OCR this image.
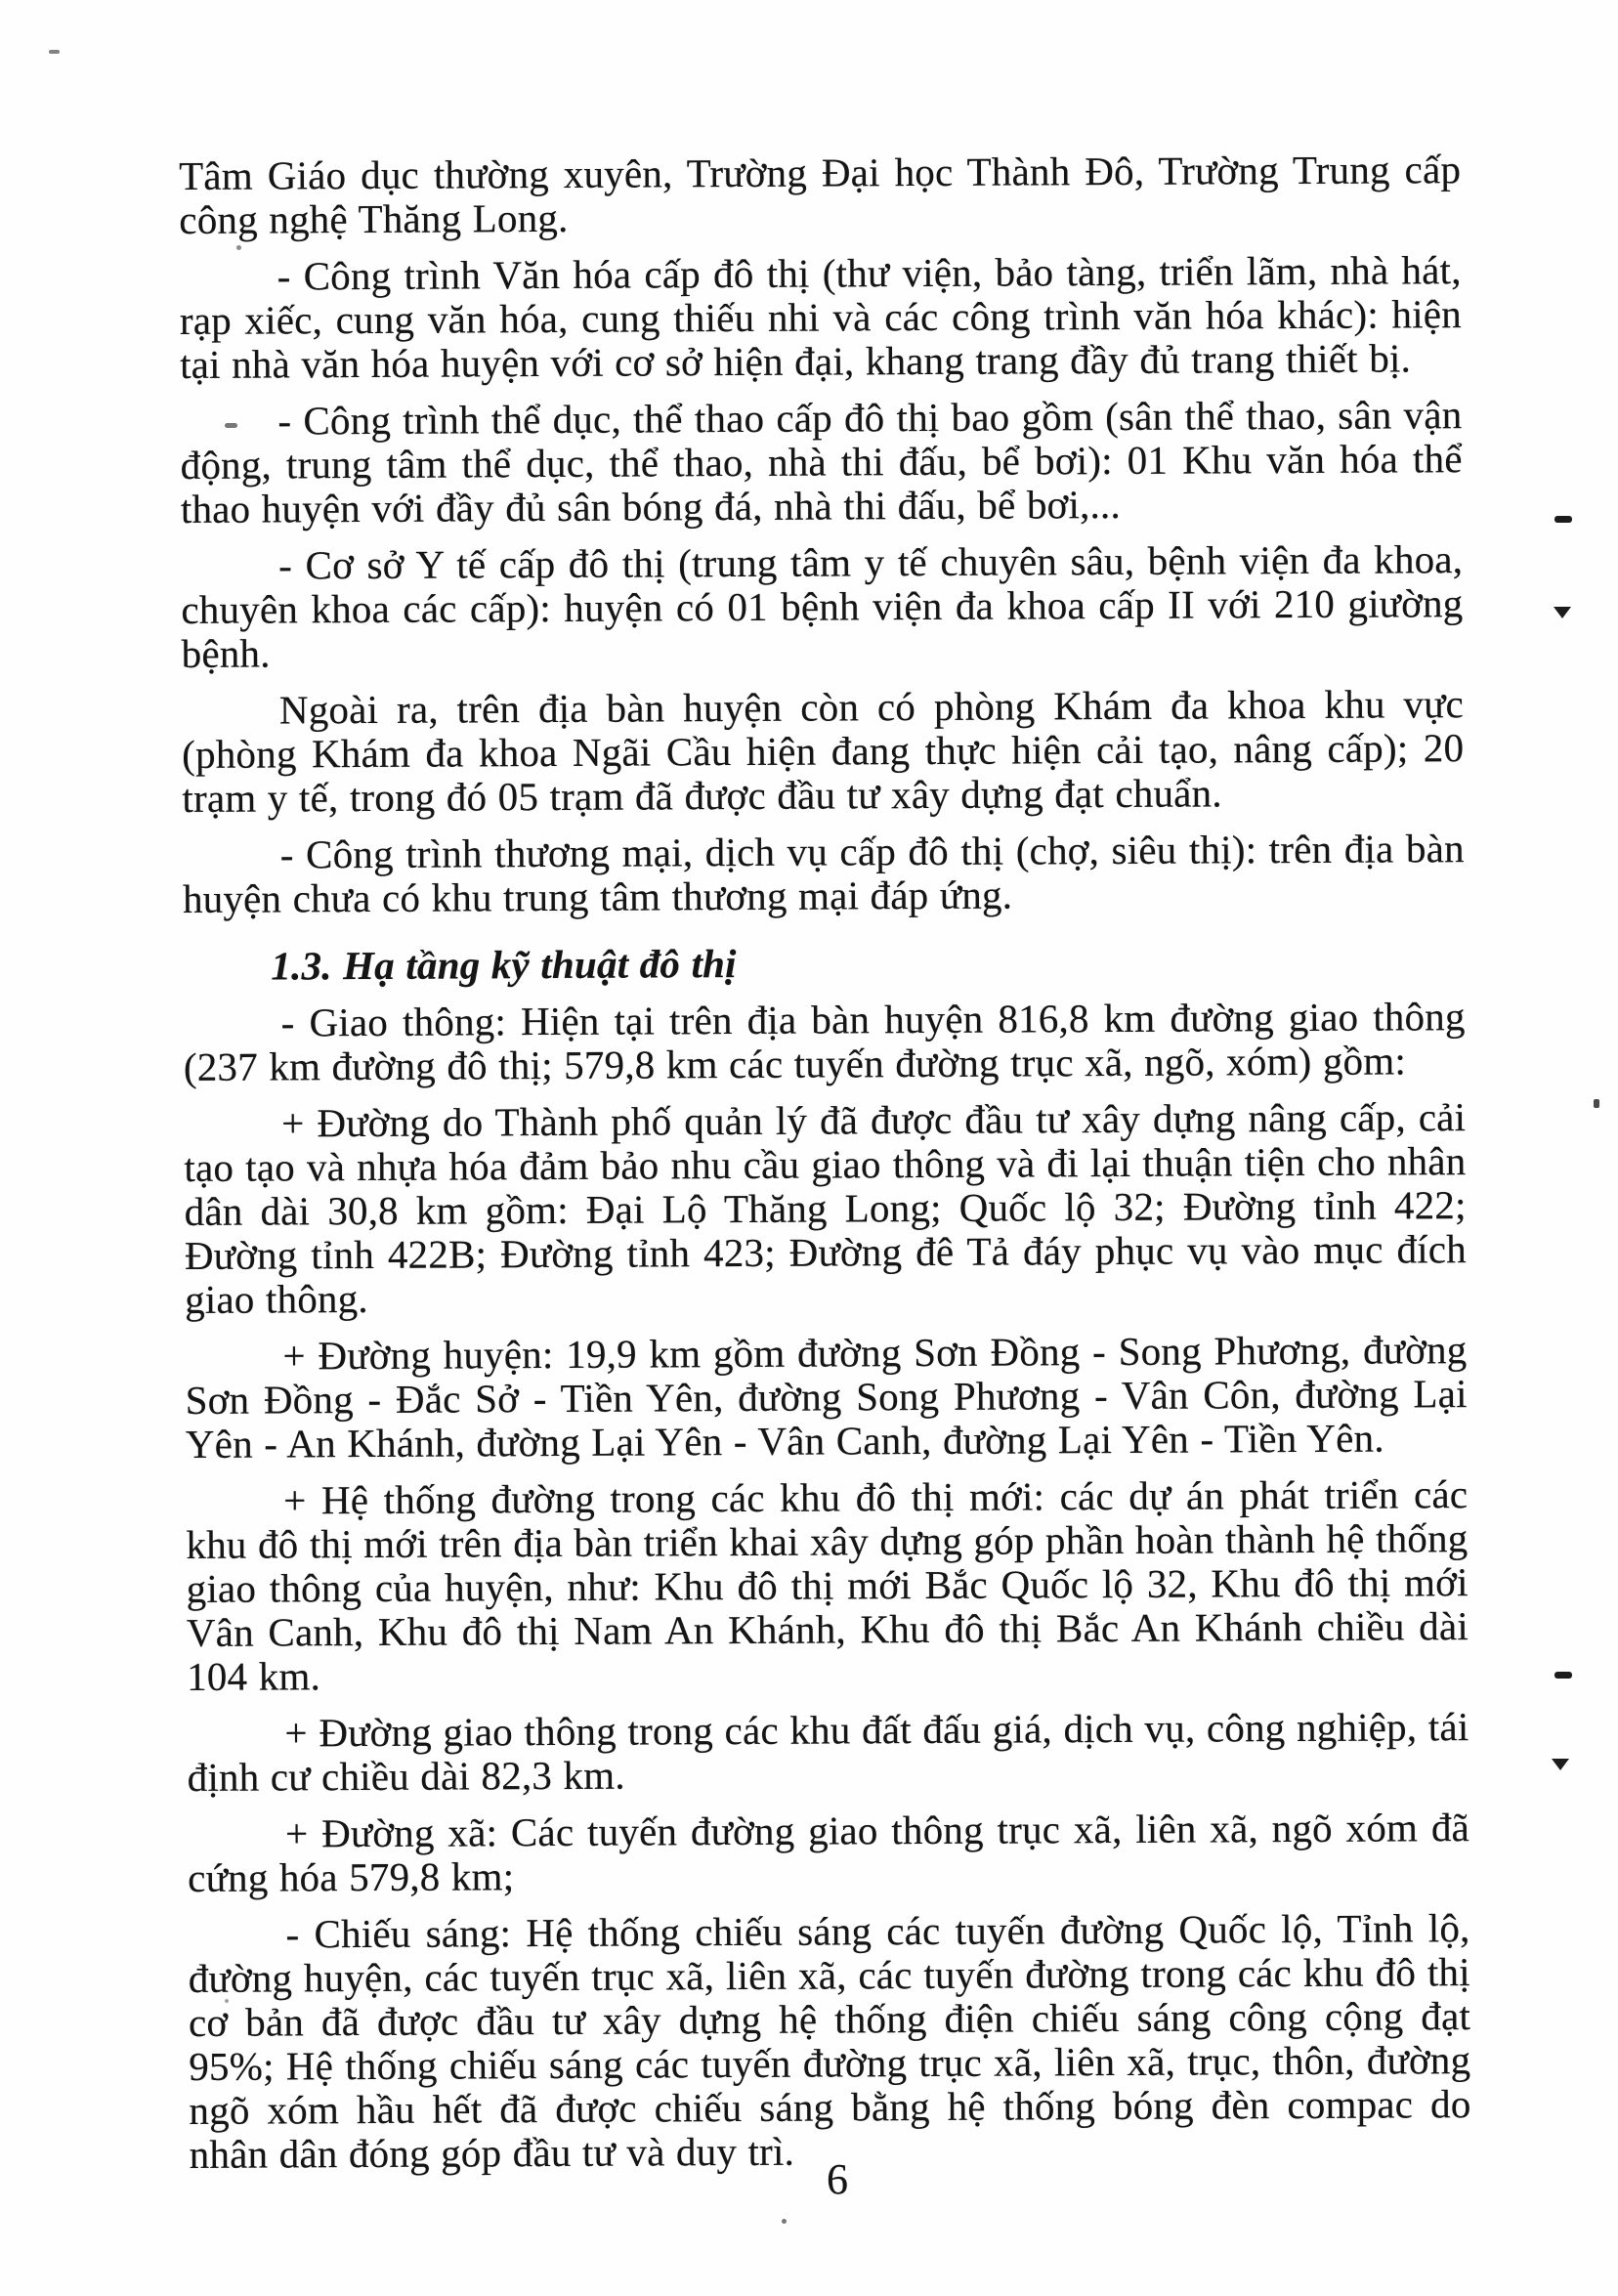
Tâm Giáo dục thường xuyên, Trường Đại học Thành Đô, Trường Trung cấp công nghệ Thăng Long.

- Công trình Văn hóa cấp đô thị (thư viện, bảo tàng, triển lãm, nhà hát, rạp xiếc, cung văn hóa, cung thiếu nhi và các công trình văn hóa khác): hiện tại nhà văn hóa huyện với cơ sở hiện đại, khang trang đầy đủ trang thiết bị.

- Công trình thể dục, thể thao cấp đô thị bao gồm (sân thể thao, sân vận động, trung tâm thể dục, thể thao, nhà thi đấu, bể bơi): 01 Khu văn hóa thể thao huyện với đầy đủ sân bóng đá, nhà thi đấu, bể bơi,...

- Cơ sở Y tế cấp đô thị (trung tâm y tế chuyên sâu, bệnh viện đa khoa, chuyên khoa các cấp): huyện có 01 bệnh viện đa khoa cấp II với 210 giường bệnh.

Ngoài ra, trên địa bàn huyện còn có phòng Khám đa khoa khu vực (phòng Khám đa khoa Ngãi Cầu hiện đang thực hiện cải tạo, nâng cấp); 20 trạm y tế, trong đó 05 trạm đã được đầu tư xây dựng đạt chuẩn.

- Công trình thương mại, dịch vụ cấp đô thị (chợ, siêu thị): trên địa bàn huyện chưa có khu trung tâm thương mại đáp ứng.

1.3. Hạ tầng kỹ thuật đô thị

- Giao thông: Hiện tại trên địa bàn huyện 816,8 km đường giao thông (237 km đường đô thị; 579,8 km các tuyến đường trục xã, ngõ, xóm) gồm:

+ Đường do Thành phố quản lý đã được đầu tư xây dựng nâng cấp, cải tạo tạo và nhựa hóa đảm bảo nhu cầu giao thông và đi lại thuận tiện cho nhân dân dài 30,8 km gồm: Đại Lộ Thăng Long; Quốc lộ 32; Đường tỉnh 422; Đường tỉnh 422B; Đường tỉnh 423; Đường đê Tả đáy phục vụ vào mục đích giao thông.

+ Đường huyện: 19,9 km gồm đường Sơn Đồng - Song Phương, đường Sơn Đồng - Đắc Sở - Tiền Yên, đường Song Phương - Vân Côn, đường Lại Yên - An Khánh, đường Lại Yên - Vân Canh, đường Lại Yên - Tiền Yên.

+ Hệ thống đường trong các khu đô thị mới: các dự án phát triển các khu đô thị mới trên địa bàn triển khai xây dựng góp phần hoàn thành hệ thống giao thông của huyện, như: Khu đô thị mới Bắc Quốc lộ 32, Khu đô thị mới Vân Canh, Khu đô thị Nam An Khánh, Khu đô thị Bắc An Khánh chiều dài 104 km.

+ Đường giao thông trong các khu đất đấu giá, dịch vụ, công nghiệp, tái định cư chiều dài 82,3 km.

+ Đường xã: Các tuyến đường giao thông trục xã, liên xã, ngõ xóm đã cứng hóa 579,8 km;

- Chiếu sáng: Hệ thống chiếu sáng các tuyến đường Quốc lộ, Tỉnh lộ, đường huyện, các tuyến trục xã, liên xã, các tuyến đường trong các khu đô thị cơ bản đã được đầu tư xây dựng hệ thống điện chiếu sáng công cộng đạt 95%; Hệ thống chiếu sáng các tuyến đường trục xã, liên xã, trục, thôn, đường ngõ xóm hầu hết đã được chiếu sáng bằng hệ thống bóng đèn compac do nhân dân đóng góp đầu tư và duy trì.

6
